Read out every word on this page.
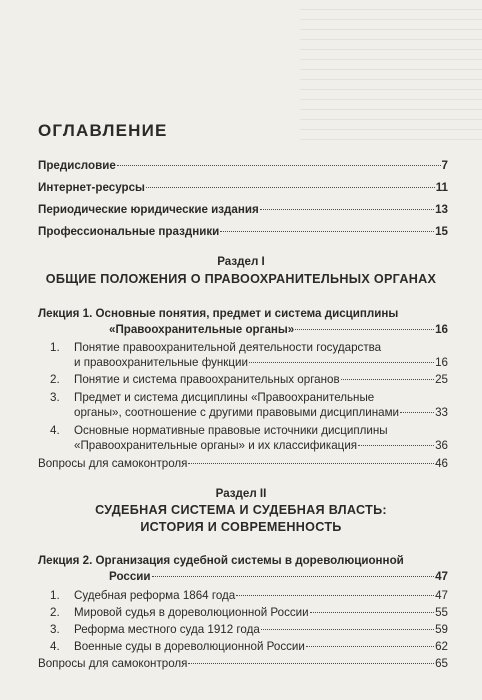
ОГЛАВЛЕНИЕ
Предисловие	7
Интернет-ресурсы	11
Периодические юридические издания	13
Профессиональные праздники	15
Раздел I
ОБЩИЕ ПОЛОЖЕНИЯ О ПРАВООХРАНИТЕЛЬНЫХ ОРГАНАХ
Лекция 1. Основные понятия, предмет и система дисциплины
«Правоохранительные органы»	16
1. Понятие правоохранительной деятельности государства
и правоохранительные функции	16
2. Понятие и система правоохранительных органов	25
3. Предмет и система дисциплины «Правоохранительные
органы», соотношение с другими правовыми дисциплинами	33
4. Основные нормативные правовые источники дисциплины
«Правоохранительные органы» и их классификация	36
Вопросы для самоконтроля	46
Раздел II
СУДЕБНАЯ СИСТЕМА И СУДЕБНАЯ ВЛАСТЬ:
ИСТОРИЯ И СОВРЕМЕННОСТЬ
Лекция 2. Организация судебной системы в дореволюционной
России	47
1. Судебная реформа 1864 года	47
2. Мировой судья в дореволюционной России	55
3. Реформа местного суда 1912 года	59
4. Военные суды в дореволюционной России	62
Вопросы для самоконтроля	65
